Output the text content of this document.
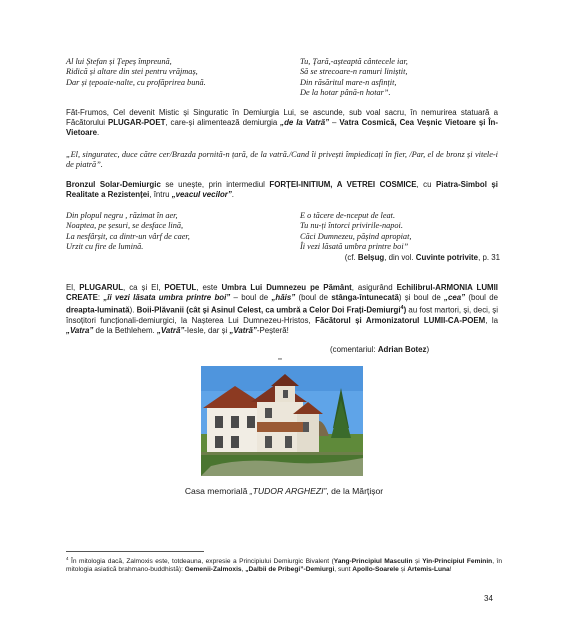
Al lui Ștefan și Țepeș împreună,
Ridică și altare din stei pentru vrăjmaș,
Dar și țepoaie-nalte, cu profăprirea bună.
Tu, Țară,-așteaptă cântecele iar,
Să se strecoare-n ramuri liniștit,
Din răsăritul mare-n asfințit,
De la hotar până-n hotar”.
Făt-Frumos, Cel devenit Mistic și Singuratic în Demiurgia Lui, se ascunde, sub voal sacru, în nemurirea statuară a Făcătorului PLUGAR-POET, care-și alimentează demiurgia „de la Vatră” – Vatra Cosmică, Cea Veșnic Vietoare și În-Vietoare.
„El, singuratec, duce către cer/Brazda pornită-n țară, de la vatră./Cand îi privești împiedicați în fier, /Par, el de bronz și vitele-i de piatră”.
Bronzul Solar-Demiurgic se unește, prin intermediul FORȚEI-INITIUM, A VETREI COSMICE, cu Piatra-Simbol și Realitate a Rezistenței, întru „veacul vecilor”.
Din plopul negru , răzimat în aer,
Noaptea, pe șesuri, se desface lină,
La nesfârșit, ca dintr-un vârf de caer,
Urzit cu fire de lumină.
E o tăcere de-nceput de leat.
Tu nu-ți întorci privirile-napoi.
Căci Dumnezeu, pășind apropiat,
Îi vezi lăsată umbra printre boi”
(cf. Belșug, din vol. Cuvinte potrivite, p. 31
El, PLUGARUL, ca și El, POETUL, este Umbra Lui Dumnezeu pe Pământ, asigurând Echilibrul-ARMONIA LUMII CREATE: „îi vezi lăsata umbra printre boi” – boul de „hăis” (boul de stânga-întunecată) și boul de „cea” (boul de dreapta-luminată). Boii-Plăvanii (cât și Asinul Celest, ca umbră a Celor Doi Frați-Demiurgi$^4$) au fost martori, și, deci, și însoțitori funcționali-demiurgici, la Nașterea Lui Dumnezeu-Hristos, Făcătorul și Armonizatorul LUMII-CA-POEM, la „Vatra” de la Bethlehem. „Vatră”-Iesle, dar și „Vatră”-Peșteră!
(comentariul: Adrian Botez)
**
Casa memorială „TUDOR ARGHEZI”, de la Mărțișor
$^4$ În mitologia dacă, Zalmoxis este, totdeauna, expresie a Principiului Demiurgic Bivalent (Yang-Principiul Masculin și Yin-Principiul Feminin, în mitologia asiatică brahmano-buddhistă): Gemenii-Zalmoxis, „Dalbii de Pribegi”-Demiurgi, sunt Apollo-Soarele și Artemis-Luna!
34
